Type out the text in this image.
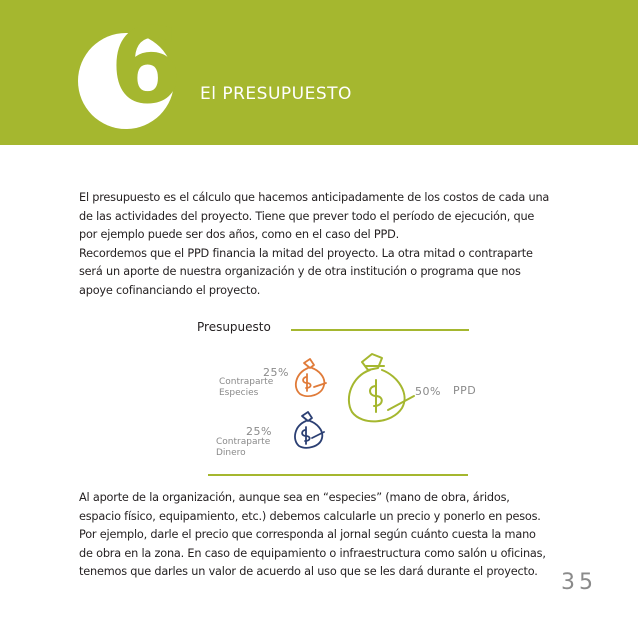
6 El PRESUPUESTO

El presupuesto es el cálculo que hacemos anticipadamente de los costos de cada una
de las actividades del proyecto. Tiene que prever todo el período de ejecución, que
por ejemplo puede ser dos años, como en el caso del PPD.
Recordemos que el PPD financia la mitad del proyecto. La otra mitad o contraparte
será un aporte de nuestra organización y de otra institución o programa que nos
apoye cofinanciando el proyecto.

Presupuesto
25%
Contraparte
Especies
25%
Contraparte
Dinero
50% PPD

Al aporte de la organización, aunque sea en “especies” (mano de obra, áridos,
espacio físico, equipamiento, etc.) debemos calcularle un precio y ponerlo en pesos.
Por ejemplo, darle el precio que corresponda al jornal según cuánto cuesta la mano
de obra en la zona. En caso de equipamiento o infraestructura como salón u oficinas,
tenemos que darles un valor de acuerdo al uso que se les dará durante el proyecto.	35
